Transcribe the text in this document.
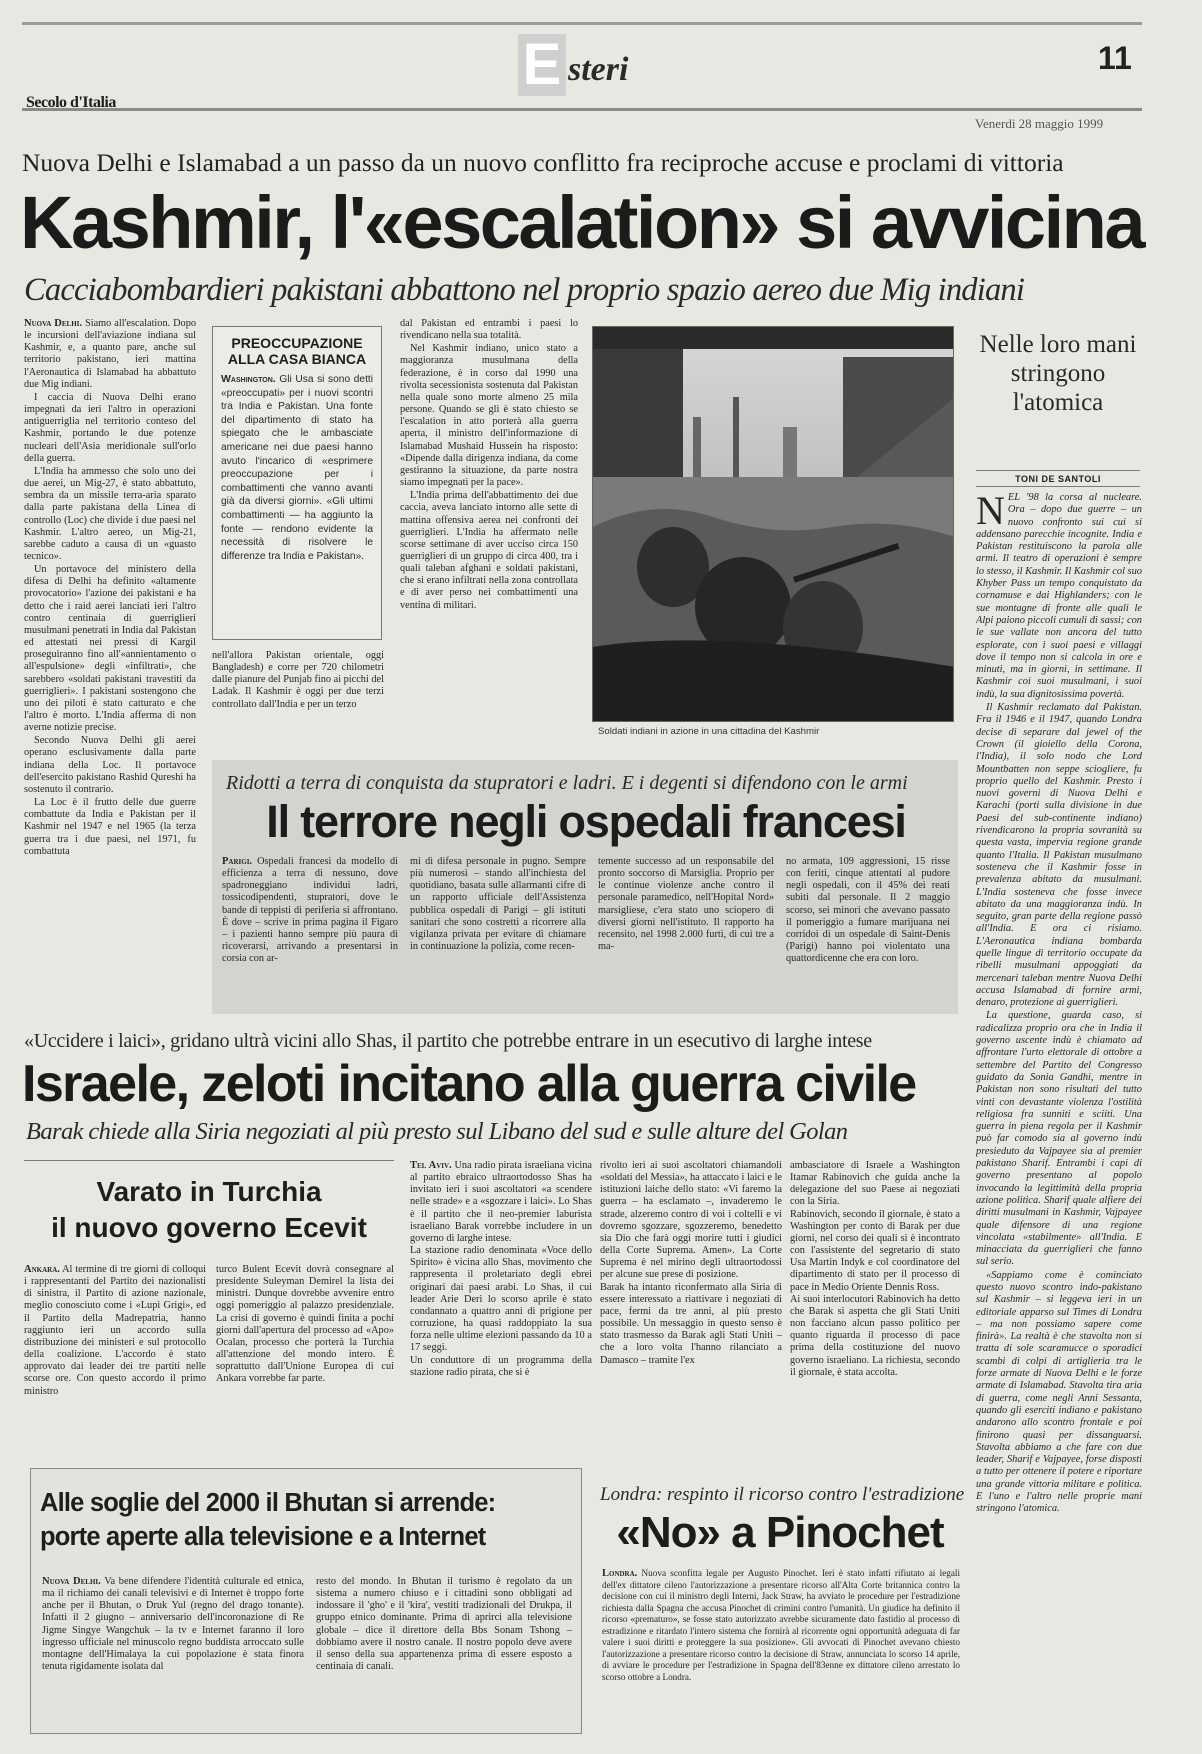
E steri	11
Secolo d'Italia
Venerdì 28 maggio 1999
Nuova Delhi e Islamabad a un passo da un nuovo conflitto fra reciproche accuse e proclami di vittoria
Kashmir, l'«escalation» si avvicina
Cacciabombardieri pakistani abbattono nel proprio spazio aereo due Mig indiani

Nuova Delhi. Siamo all'escalation. Dopo le incursioni dell'aviazione indiana sul Kashmir, e, a quanto pare, anche sul territorio pakistano, ieri mattina l'Aeronautica di Islamabad ha abbattuto due Mig indiani.

I caccia di Nuova Delhi erano impegnati da ieri l'altro in operazioni antiguerriglia nel territorio conteso del Kashmir, portando le due potenze nucleari dell'Asia meridionale sull'orlo della guerra.

L'India ha ammesso che solo uno dei due aerei, un Mig-27, è stato abbattuto, sembra da un missile terra-aria sparato dalla parte pakistana della Linea di controllo (Loc) che divide i due paesi nel Kashmir. L'altro aereo, un Mig-21, sarebbe caduto a causa di un «guasto tecnico».

Un portavoce del ministero della difesa di Delhi ha definito «altamente provocatorio» l'azione dei pakistani e ha detto che i raid aerei lanciati ieri l'altro contro centinaia di guerriglieri musulmani penetrati in India dal Pakistan ed attestati nei pressi di Kargil proseguiranno fino all'«annientamento o all'espulsione» degli «infiltrati», che sarebbero «soldati pakistani travestiti da guerriglieri». I pakistani sostengono che uno dei piloti è stato catturato e che l'altro è morto. L'India afferma di non averne notizie precise.

Secondo Nuova Delhi gli aerei operano esclusivamente dalla parte indiana della Loc. Il portavoce dell'esercito pakistano Rashid Qureshi ha sostenuto il contrario.

La Loc è il frutto delle due guerre combattute da India e Pakistan per il Kashmir nel 1947 e nel 1965 (la terza guerra tra i due paesi, nel 1971, fu combattuta

PREOCCUPAZIONE ALLA CASA BIANCA
Washington. Gli Usa si sono detti «preoccupati» per i nuovi scontri tra India e Pakistan. Una fonte del dipartimento di stato ha spiegato che le ambasciate americane nei due paesi hanno avuto l'incarico di «esprimere preoccupazione per i combattimenti che vanno avanti già da diversi giorni». «Gli ultimi combattimenti — ha aggiunto la fonte — rendono evidente la necessità di risolvere le differenze tra India e Pakistan».

nell'allora Pakistan orientale, oggi Bangladesh) e corre per 720 chilometri dalle pianure del Punjab fino ai picchi del Ladak. Il Kashmir è oggi per due terzi controllato dall'India e per un terzo

dal Pakistan ed entrambi i paesi lo rivendicano nella sua totalità.

Nel Kashmir indiano, unico stato a maggioranza musulmana della federazione, è in corso dal 1990 una rivolta secessionista sostenuta dal Pakistan nella quale sono morte almeno 25 mila persone. Quando se gli è stato chiesto se l'escalation in atto porterà alla guerra aperta, il ministro dell'informazione di Islamabad Mushaid Hussein ha risposto: «Dipende dalla dirigenza indiana, da come gestiranno la situazione, da parte nostra siamo impegnati per la pace».

L'India prima dell'abbattimento dei due caccia, aveva lanciato intorno alle sette di mattina offensiva aerea nei confronti dei guerriglieri. L'India ha affermato nelle scorse settimane di aver ucciso circa 150 guerriglieri di un gruppo di circa 400, tra i quali taleban afghani e soldati pakistani, che si erano infiltrati nella zona controllata e di aver perso nei combattimenti una ventina di militari.

Soldati indiani in azione in una cittadina del Kashmir
Nelle loro mani stringono l'atomica
TONI DE SANTOLI

NEL '98 la corsa al nucleare. Ora – dopo due guerre – un nuovo confronto sui cui si addensano parecchie incognite. India e Pakistan restituiscono la parola alle armi. Il teatro di operazioni è sempre lo stesso, il Kashmir. Il Kashmir col suo Khyber Pass un tempo conquistato da cornamuse e dai Highlanders; con le sue montagne di fronte alle quali le Alpi paiono piccoli cumuli di sassi; con le sue vallate non ancora del tutto esplorate, con i suoi paesi e villaggi dove il tempo non si calcola in ore e minuti, ma in giorni, in settimane. Il Kashmir coi suoi musulmani, i suoi indù, la sua dignitosissima povertà.

Il Kashmir reclamato dal Pakistan. Fra il 1946 e il 1947, quando Londra decise di separare dal jewel of the Crown (il gioiello della Corona, l'India), il solo nodo che Lord Mountbatten non seppe sciogliere, fu proprio quello del Kashmir. Presto i nuovi governi di Nuova Delhi e Karachi (porti sulla divisione in due Paesi del sub-continente indiano) rivendicarono la propria sovranità su questa vasta, impervia regione grande quanto l'Italia. Il Pakistan musulmano sosteneva che il Kashmir fosse in prevalenza abitato da musulmani. L'India sosteneva che fosse invece abitato da una maggioranza indù. In seguito, gran parte della regione passò all'India. E ora ci risiamo. L'Aeronautica indiana bombarda quelle lingue di territorio occupate da ribelli musulmani appoggiati da mercenari taleban mentre Nuova Delhi accusa Islamabad di fornire armi, denaro, protezione ai guerriglieri.

La questione, guarda caso, si radicalizza proprio ora che in India il governo uscente indù è chiamato ad affrontare l'urto elettorale di ottobre a settembre del Partito del Congresso guidato da Sonia Gandhi, mentre in Pakistan non sono risultati del tutto vinti con devastante violenza l'ostilità religiosa fra sunniti e sciiti. Una guerra in piena regola per il Kashmir può far comodo sia al governo indù presieduto da Vajpayee sia al premier pakistano Sharif. Entrambi i capi di governo presentano al popolo invocando la legittimità della propria azione politica. Sharif quale alfiere dei diritti musulmani in Kashmir, Vajpayee quale difensore di una regione vincolata «stabilmente» all'India. E minacciata da guerriglieri che fanno sul serio.

«Sappiamo come è cominciato questo nuovo scontro indo-pakistano sul Kashmir – si leggeva ieri in un editoriale apparso sul Times di Londra – ma non possiamo sapere come finirà». La realtà è che stavolta non si tratta di sole scaramucce o sporadici scambi di colpi di artiglieria tra le forze armate di Nuova Delhi e le forze armate di Islamabad. Stavolta tira aria di guerra, come negli Anni Sessanta, quando gli eserciti indiano e pakistano andarono allo scontro frontale e poi finirono quasi per dissanguarsi. Stavolta abbiamo a che fare con due leader, Sharif e Vajpayee, forse disposti a tutto per ottenere il potere e riportare una grande vittoria militare e politica. E l'uno e l'altro nelle proprie mani stringono l'atomica.

Ridotti a terra di conquista da stupratori e ladri. E i degenti si difendono con le armi
Il terrore negli ospedali francesi

Parigi. Ospedali francesi da modello di efficienza a terra di nessuno, dove spadroneggiano individui ladri, tossicodipendenti, stupratori, dove le bande di teppisti di periferia si affrontano. È dove – scrive in prima pagina il Figaro – i pazienti hanno sempre più paura di ricoverarsi, arrivando a presentarsi in corsia con ar-

mi di difesa personale in pugno. Sempre più numerosi – stando all'inchiesta del quotidiano, basata sulle allarmanti cifre di un rapporto ufficiale dell'Assistenza pubblica ospedali di Parigi – gli istituti sanitari che sono costretti a ricorrere alla vigilanza privata per evitare di chiamare in continuazione la polizia, come recen-

temente successo ad un responsabile del pronto soccorso di Marsiglia. Proprio per le continue violenze anche contro il personale paramedico, nell'Hopital Nord» marsigliese, c'era stato uno sciopero di diversi giorni nell'istituto. Il rapporto ha recensito, nel 1998 2.000 furti, di cui tre a ma-

no armata, 109 aggressioni, 15 risse con feriti, cinque attentati al pudore negli ospedali, con il 45% dei reati subiti dal personale. Il 2 maggio scorso, sei minori che avevano passato il pomeriggio a fumare marijuana nei corridoi di un ospedale di Saint-Denis (Parigi) hanno poi violentato una quattordicenne che era con loro.

«Uccidere i laici», gridano ultrà vicini allo Shas, il partito che potrebbe entrare in un esecutivo di larghe intese
Israele, zeloti incitano alla guerra civile
Barak chiede alla Siria negoziati al più presto sul Libano del sud e sulle alture del Golan
Tel Aviv. Una radio pirata israeliana vicina al partito ebraico ultraortodosso Shas ha invitato ieri i suoi ascoltatori «a scendere nelle strade» e a «sgozzare i laici». Lo Shas è il partito che il neo-premier laburista israeliano Barak vorrebbe includere in un governo di larghe intese.
La stazione radio denominata «Voce dello Spirito» è vicina allo Shas, movimento che rappresenta il proletariato degli ebrei originari dai paesi arabi. Lo Shas, il cui leader Arie Deri lo scorso aprile è stato condannato a quattro anni di prigione per corruzione, ha quasi raddoppiato la sua forza nelle ultime elezioni passando da 10 a 17 seggi.
Un conduttore di un programma della stazione radio pirata, che si è
rivolto ieri ai suoi ascoltatori chiamandoli «soldati del Messia», ha attaccato i laici e le istituzioni laiche dello stato: «Vi faremo la guerra – ha esclamato –, invaderemo le strade, alzeremo contro di voi i coltelli e vi dovremo sgozzare, sgozzeremo, benedetto sia Dio che farà oggi morire tutti i giudici della Corte Suprema. Amen». La Corte Suprema è nel mirino degli ultraortodossi per alcune sue prese di posizione.
Barak ha intanto riconfermato alla Siria di essere interessato a riattivare i negoziati di pace, fermi da tre anni, al più presto possibile. Un messaggio in questo senso è stato trasmesso da Barak agli Stati Uniti – che a loro volta l'hanno rilanciato a Damasco – tramite l'ex
ambasciatore di Israele a Washington Itamar Rabinovich che guida anche la delegazione del suo Paese ai negoziati con la Siria.
Rabinovich, secondo il giornale, è stato a Washington per conto di Barak per due giorni, nel corso dei quali si è incontrato con l'assistente del segretario di stato Usa Martin Indyk e col coordinatore del dipartimento di stato per il processo di pace in Medio Oriente Dennis Ross.
Ai suoi interlocutori Rabinovich ha detto che Barak si aspetta che gli Stati Uniti non facciano alcun passo politico per quanto riguarda il processo di pace prima della costituzione del nuovo governo israeliano. La richiesta, secondo il giornale, è stata accolta.
Varato in Turchia
il nuovo governo Ecevit

Ankara. Al termine di tre giorni di colloqui i rappresentanti del Partito dei nazionalisti di sinistra, il Partito di azione nazionale, meglio conosciuto come i «Lupi Grigi», ed il Partito della Madrepatria, hanno raggiunto ieri un accordo sulla distribuzione dei ministeri e sul protocollo della coalizione. L'accordo è stato approvato dai leader dei tre partiti nelle scorse ore. Con questo accordo il primo ministro

turco Bulent Ecevit dovrà consegnare al presidente Suleyman Demirel la lista dei ministri. Dunque dovrebbe avvenire entro oggi pomeriggio al palazzo presidenziale. La crisi di governo è quindi finita a pochi giorni dall'apertura del processo ad «Apo» Ocalan, processo che porterà la Turchia all'attenzione del mondo intero. È soprattutto dall'Unione Europea di cui Ankara vorrebbe far parte.

Alle soglie del 2000 il Bhutan si arrende:
porte aperte alla televisione e a Internet

Nuova Delhi. Va bene difendere l'identità culturale ed etnica, ma il richiamo dei canali televisivi e di Internet è troppo forte anche per il Bhutan, o Druk Yul (regno del drago tonante). Infatti il 2 giugno – anniversario dell'incoronazione di Re Jigme Singye Wangchuk – la tv e Internet faranno il loro ingresso ufficiale nel minuscolo regno buddista arroccato sulle montagne dell'Himalaya la cui popolazione è stata finora tenuta rigidamente isolata dal

resto del mondo. In Bhutan il turismo è regolato da un sistema a numero chiuso e i cittadini sono obbligati ad indossare il 'gho' e il 'kira', vestiti tradizionali del Drukpa, il gruppo etnico dominante. Prima di aprirci alla televisione globale – dice il direttore della Bbs Sonam Tshong – dobbiamo avere il nostro canale. Il nostro popolo deve avere il senso della sua appartenenza prima di essere esposto a centinaia di canali.

Londra: respinto il ricorso contro l'estradizione
«No» a Pinochet

Londra. Nuova sconfitta legale per Augusto Pinochet. Ieri è stato infatti rifiutato ai legali dell'ex dittatore cileno l'autorizzazione a presentare ricorso all'Alta Corte britannica contro la decisione con cui il ministro degli Interni, Jack Straw, ha avviato le procedure per l'estradizione richiesta dalla Spagna che accusa Pinochet di crimini contro l'umanità. Un giudice ha definito il ricorso «prematuro», se fosse stato autorizzato avrebbe sicuramente dato fastidio al processo di estradizione e ritardato l'intero sistema che fornirà al ricorrente ogni opportunità adeguata di far valere i suoi diritti e proteggere la sua posizione». Gli avvocati di Pinochet avevano chiesto l'autorizzazione a presentare ricorso contro la decisione di Straw, annunciata lo scorso 14 aprile, di avviare le procedure per l'estradizione in Spagna dell'83enne ex dittatore cileno arrestato lo scorso ottobre a Londra.
